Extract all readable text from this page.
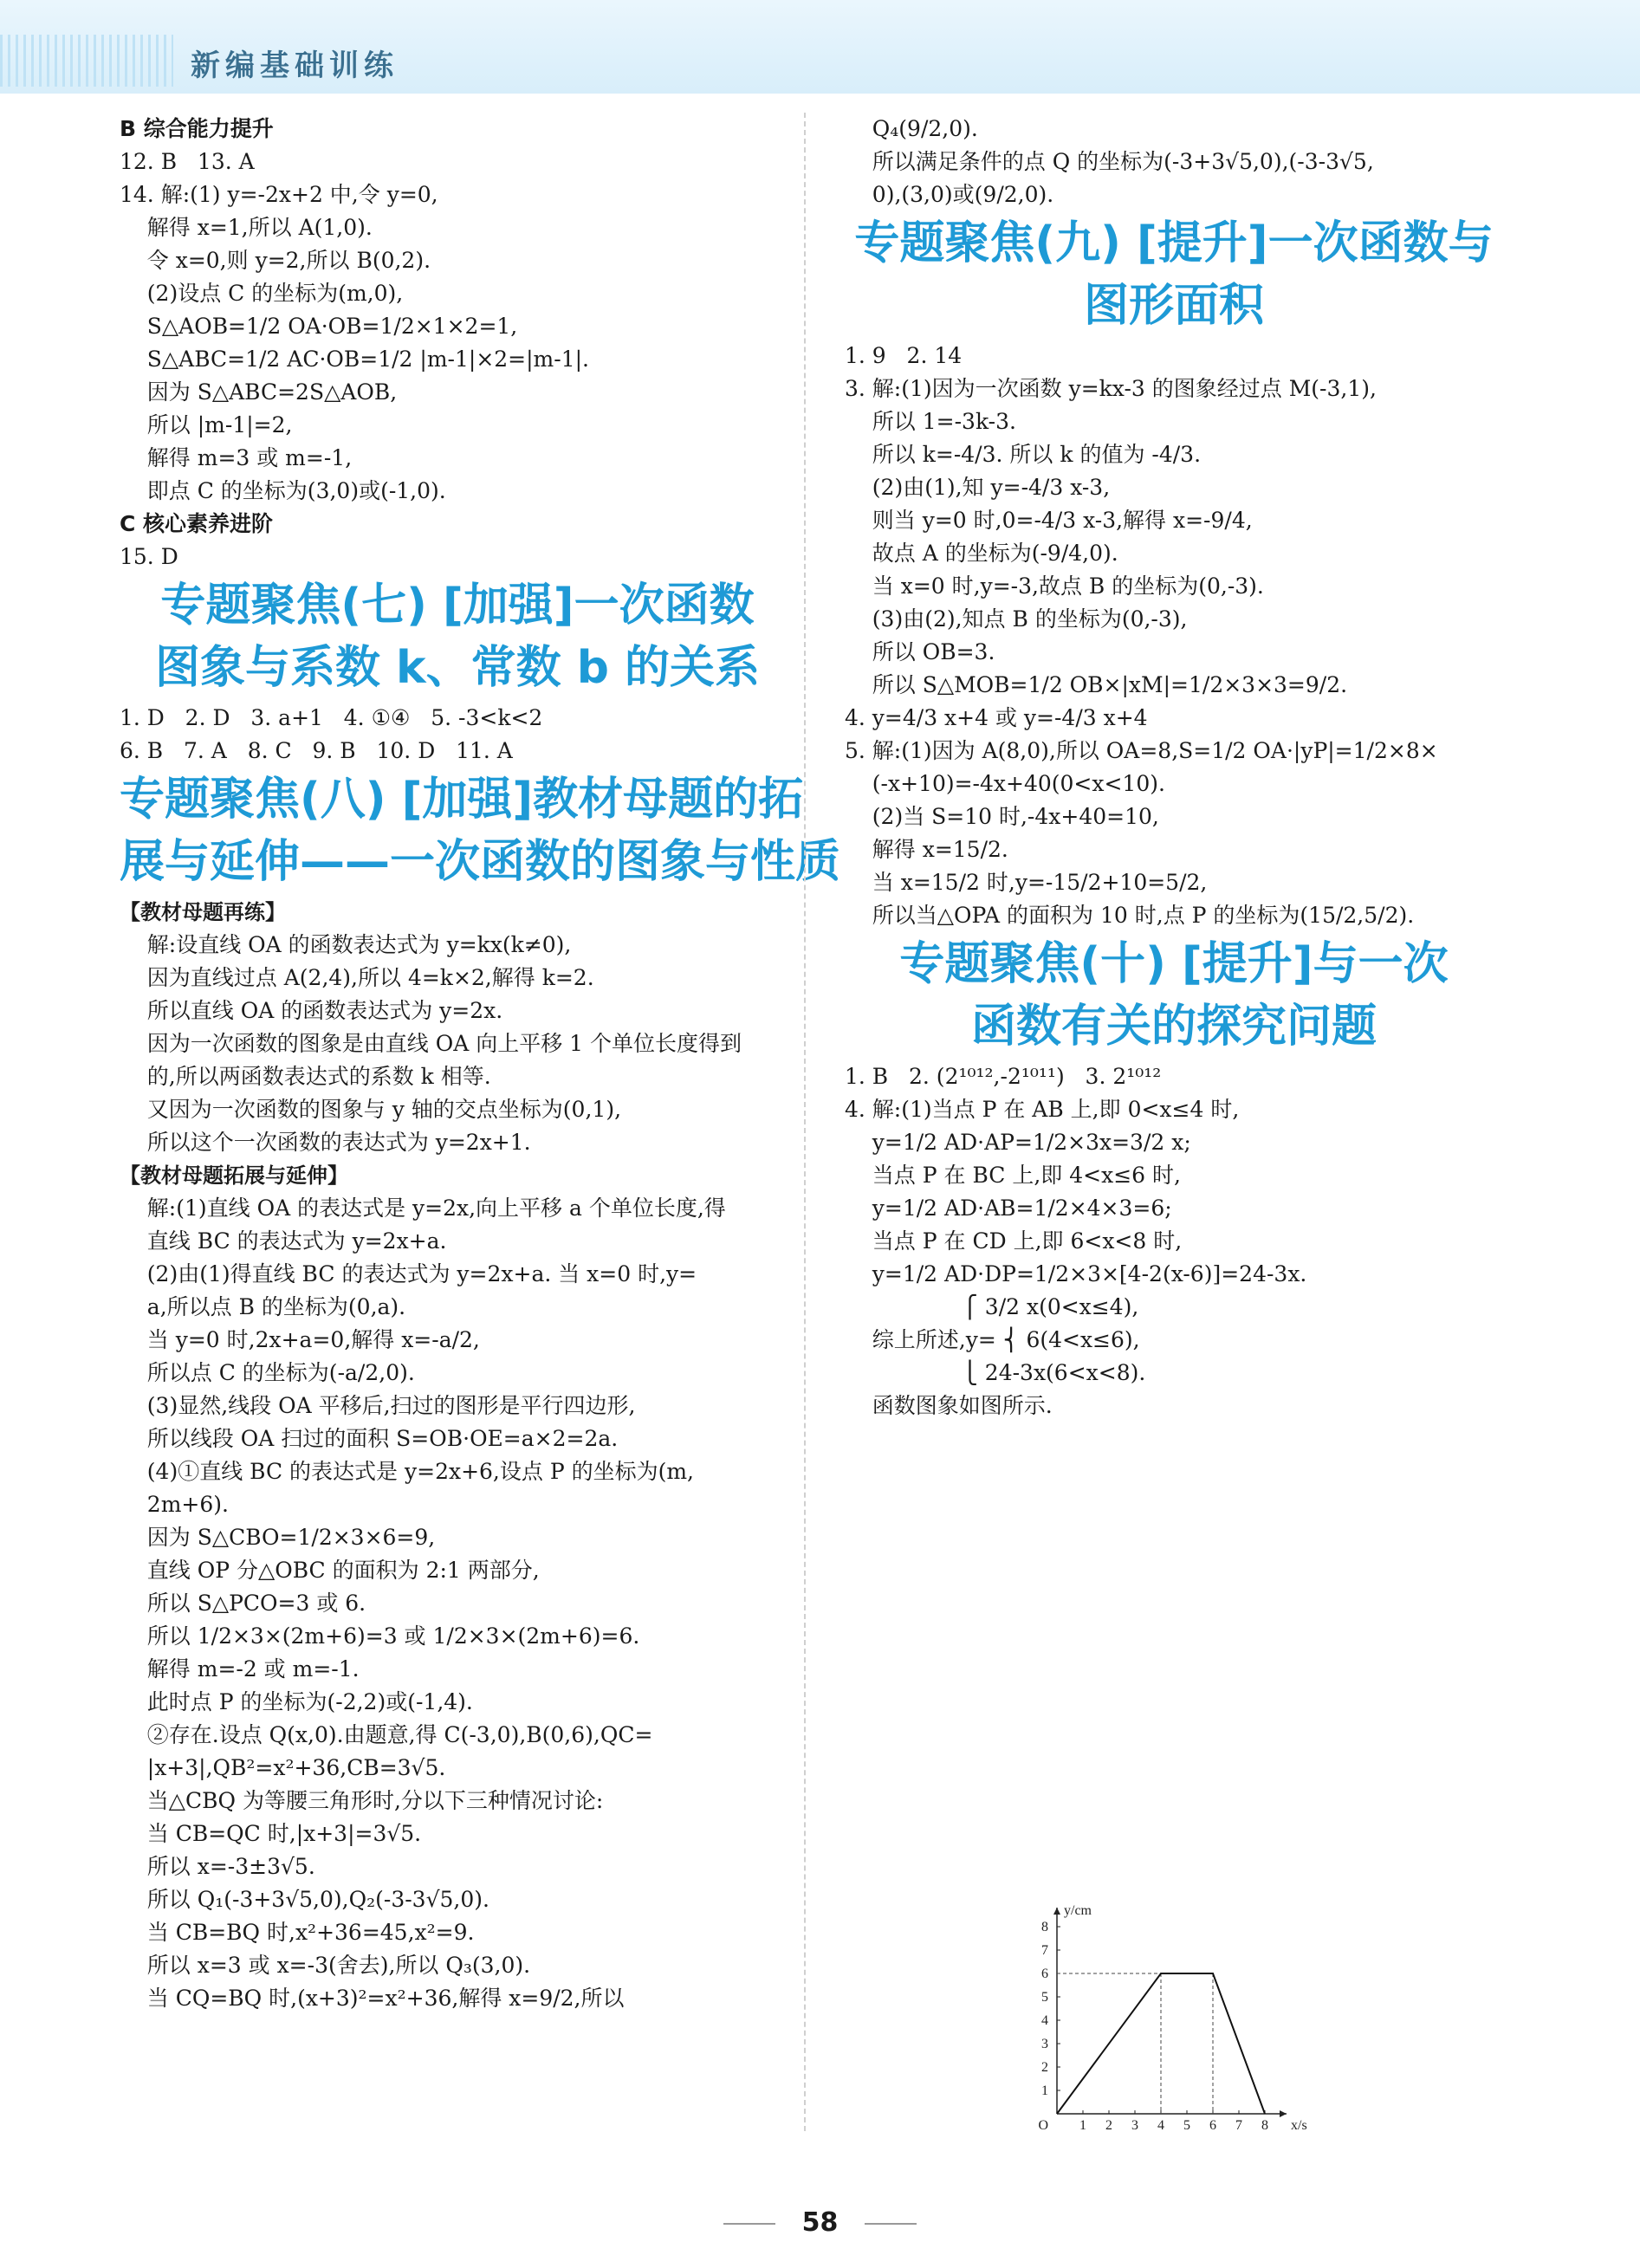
新编基础训练
B 综合能力提升
12. B   13. A
14. 解:(1) y=-2x+2 中,令 y=0,
解得 x=1,所以 A(1,0).
令 x=0,则 y=2,所以 B(0,2).
(2)设点 C 的坐标为(m,0),
S△AOB=1/2 OA·OB=1/2×1×2=1,
S△ABC=1/2 AC·OB=1/2 |m-1|×2=|m-1|.
因为 S△ABC=2S△AOB,
所以 |m-1|=2,
解得 m=3 或 m=-1,
即点 C 的坐标为(3,0)或(-1,0).
C 核心素养进阶
15. D
专题聚焦(七) [加强]一次函数
图象与系数 k、常数 b 的关系
1. D   2. D   3. a+1   4. ①④   5. -3<k<2
6. B   7. A   8. C   9. B   10. D   11. A
专题聚焦(八) [加强]教材母题的拓
展与延伸——一次函数的图象与性质
【教材母题再练】
解:设直线 OA 的函数表达式为 y=kx(k≠0),
因为直线过点 A(2,4),所以 4=k×2,解得 k=2.
所以直线 OA 的函数表达式为 y=2x.
因为一次函数的图象是由直线 OA 向上平移 1 个单位长度得到
的,所以两函数表达式的系数 k 相等.
又因为一次函数的图象与 y 轴的交点坐标为(0,1),
所以这个一次函数的表达式为 y=2x+1.
【教材母题拓展与延伸】
解:(1)直线 OA 的表达式是 y=2x,向上平移 a 个单位长度,得
直线 BC 的表达式为 y=2x+a.
(2)由(1)得直线 BC 的表达式为 y=2x+a. 当 x=0 时,y=
a,所以点 B 的坐标为(0,a).
当 y=0 时,2x+a=0,解得 x=-a/2,
所以点 C 的坐标为(-a/2,0).
(3)显然,线段 OA 平移后,扫过的图形是平行四边形,
所以线段 OA 扫过的面积 S=OB·OE=a×2=2a.
(4)①直线 BC 的表达式是 y=2x+6,设点 P 的坐标为(m,
2m+6).
因为 S△CBO=1/2×3×6=9,
直线 OP 分△OBC 的面积为 2:1 两部分,
所以 S△PCO=3 或 6.
所以 1/2×3×(2m+6)=3 或 1/2×3×(2m+6)=6.
解得 m=-2 或 m=-1.
此时点 P 的坐标为(-2,2)或(-1,4).
②存在.设点 Q(x,0).由题意,得 C(-3,0),B(0,6),QC=
|x+3|,QB²=x²+36,CB=3√5.
当△CBQ 为等腰三角形时,分以下三种情况讨论:
当 CB=QC 时,|x+3|=3√5.
所以 x=-3±3√5.
所以 Q₁(-3+3√5,0),Q₂(-3-3√5,0).
当 CB=BQ 时,x²+36=45,x²=9.
所以 x=3 或 x=-3(舍去),所以 Q₃(3,0).
当 CQ=BQ 时,(x+3)²=x²+36,解得 x=9/2,所以
Q₄(9/2,0).
所以满足条件的点 Q 的坐标为(-3+3√5,0),(-3-3√5,
0),(3,0)或(9/2,0).
专题聚焦(九) [提升]一次函数与
图形面积
1. 9   2. 14
3. 解:(1)因为一次函数 y=kx-3 的图象经过点 M(-3,1),
所以 1=-3k-3.
所以 k=-4/3. 所以 k 的值为 -4/3.
(2)由(1),知 y=-4/3 x-3,
则当 y=0 时,0=-4/3 x-3,解得 x=-9/4,
故点 A 的坐标为(-9/4,0).
当 x=0 时,y=-3,故点 B 的坐标为(0,-3).
(3)由(2),知点 B 的坐标为(0,-3),
所以 OB=3.
所以 S△MOB=1/2 OB×|xM|=1/2×3×3=9/2.
4. y=4/3 x+4 或 y=-4/3 x+4
5. 解:(1)因为 A(8,0),所以 OA=8,S=1/2 OA·|yP|=1/2×8×
(-x+10)=-4x+40(0<x<10).
(2)当 S=10 时,-4x+40=10,
解得 x=15/2.
当 x=15/2 时,y=-15/2+10=5/2,
所以当△OPA 的面积为 10 时,点 P 的坐标为(15/2,5/2).
专题聚焦(十) [提升]与一次
函数有关的探究问题
1. B   2. (2¹⁰¹²,-2¹⁰¹¹)   3. 2¹⁰¹²
4. 解:(1)当点 P 在 AB 上,即 0<x≤4 时,
y=1/2 AD·AP=1/2×3x=3/2 x;
当点 P 在 BC 上,即 4<x≤6 时,
y=1/2 AD·AB=1/2×4×3=6;
当点 P 在 CD 上,即 6<x<8 时,
y=1/2 AD·DP=1/2×3×[4-2(x-6)]=24-3x.
⎧ 3/2 x(0<x≤4),
综上所述,y= ⎨ 6(4<x≤6),
⎩ 24-3x(6<x<8).
函数图象如图所示.
1 2 3 4 5 6 7 8
1
2
3
4
5
6
7
8
O	x/s
y/cm
58
